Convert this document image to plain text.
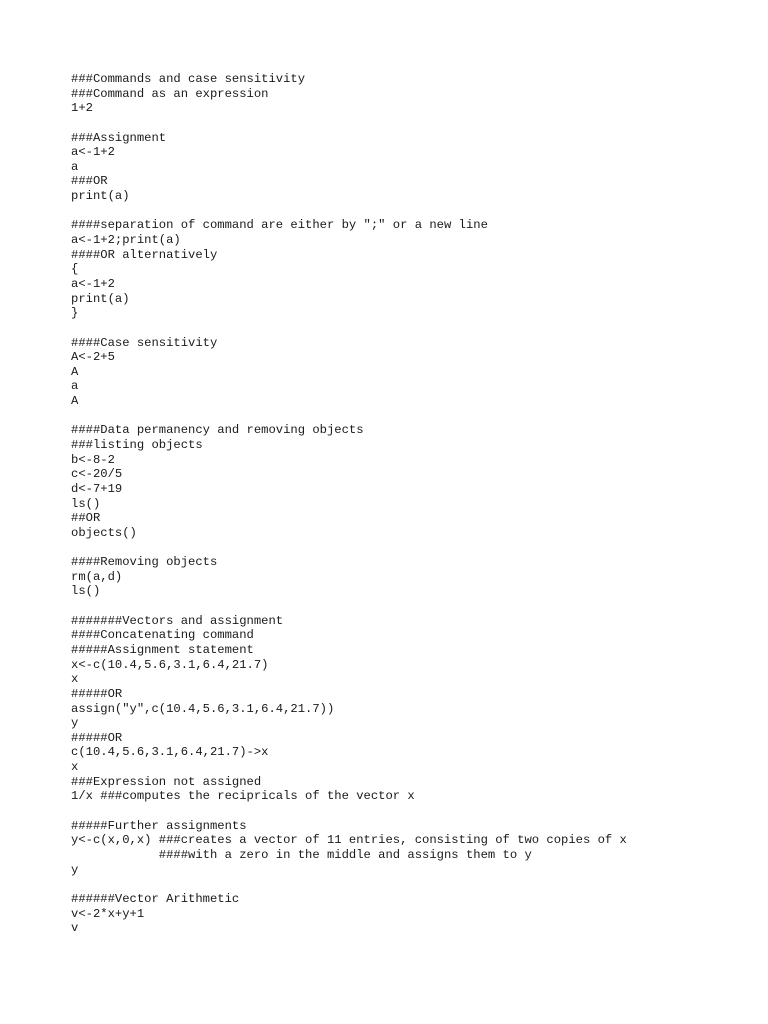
###Commands and case sensitivity
###Command as an expression
1+2
###Assignment
a<-1+2
a
###OR
print(a)
####separation of command are either by ";" or a new line
a<-1+2;print(a)
####OR alternatively
{
a<-1+2
print(a)
}
####Case sensitivity
A<-2+5
A
a
A
####Data permanency and removing objects
###listing objects
b<-8-2
c<-20/5
d<-7+19
ls()
##OR
objects()
####Removing objects
rm(a,d)
ls()
#######Vectors and assignment
####Concatenating command
#####Assignment statement
x<-c(10.4,5.6,3.1,6.4,21.7)
x
#####OR
assign("y",c(10.4,5.6,3.1,6.4,21.7))
y
#####OR
c(10.4,5.6,3.1,6.4,21.7)->x
x
###Expression not assigned
1/x ###computes the recipricals of the vector x
#####Further assignments
y<-c(x,0,x) ###creates a vector of 11 entries, consisting of two copies of x
####with a zero in the middle and assigns them to y
y
######Vector Arithmetic
v<-2*x+y+1
v
